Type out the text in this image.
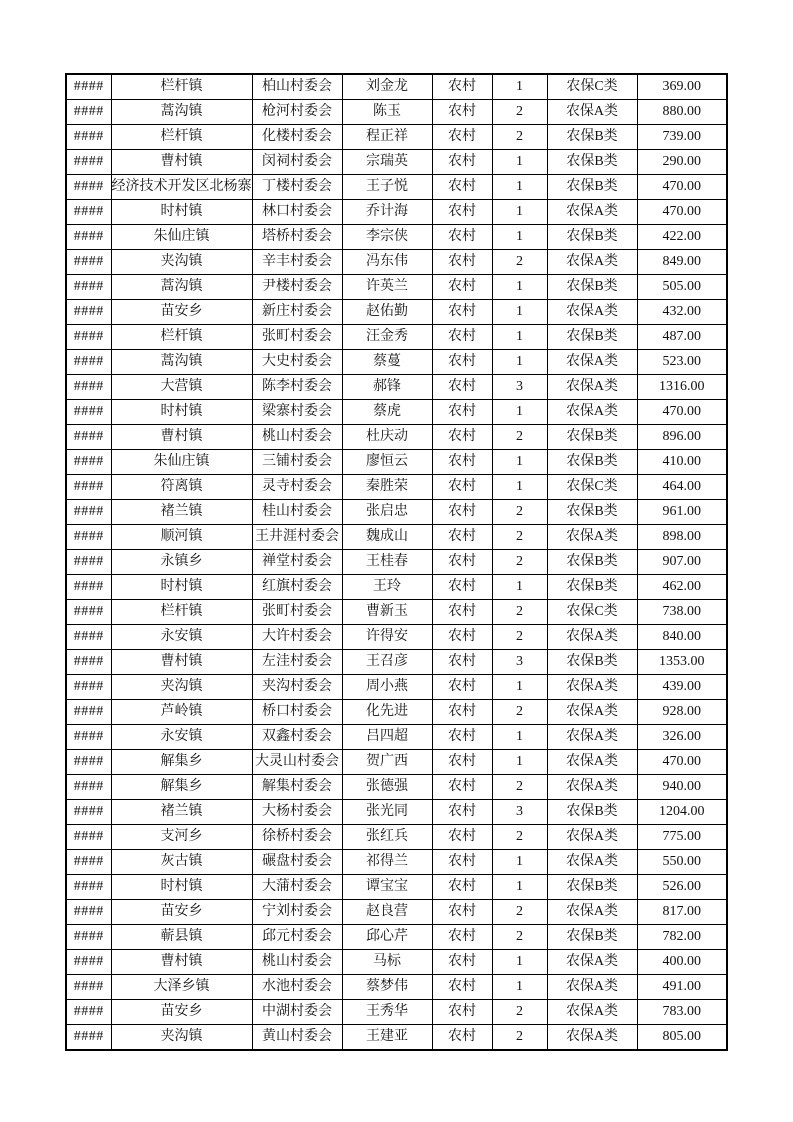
####	栏杆镇	柏山村委会	刘金龙	农村	1	农保C类	369.00
####	蒿沟镇	枪河村委会	陈玉	农村	2	农保A类	880.00
####	栏杆镇	化楼村委会	程正祥	农村	2	农保B类	739.00
####	曹村镇	闵祠村委会	宗瑞英	农村	1	农保B类	290.00
####	经济技术开发区北杨寨	丁楼村委会	王子悦	农村	1	农保B类	470.00
####	时村镇	林口村委会	乔计海	农村	1	农保A类	470.00
####	朱仙庄镇	塔桥村委会	李宗侠	农村	1	农保B类	422.00
####	夹沟镇	辛丰村委会	冯东伟	农村	2	农保A类	849.00
####	蒿沟镇	尹楼村委会	许英兰	农村	1	农保B类	505.00
####	苗安乡	新庄村委会	赵佑勤	农村	1	农保A类	432.00
####	栏杆镇	张町村委会	汪金秀	农村	1	农保B类	487.00
####	蒿沟镇	大史村委会	蔡蔓	农村	1	农保A类	523.00
####	大营镇	陈李村委会	郝锋	农村	3	农保A类	1316.00
####	时村镇	梁寨村委会	蔡虎	农村	1	农保A类	470.00
####	曹村镇	桃山村委会	杜庆动	农村	2	农保B类	896.00
####	朱仙庄镇	三铺村委会	廖恒云	农村	1	农保B类	410.00
####	符离镇	灵寺村委会	秦胜荣	农村	1	农保C类	464.00
####	褚兰镇	桂山村委会	张启忠	农村	2	农保B类	961.00
####	顺河镇	王井涯村委会	魏成山	农村	2	农保A类	898.00
####	永镇乡	禅堂村委会	王桂春	农村	2	农保B类	907.00
####	时村镇	红旗村委会	王玲	农村	1	农保B类	462.00
####	栏杆镇	张町村委会	曹新玉	农村	2	农保C类	738.00
####	永安镇	大许村委会	许得安	农村	2	农保A类	840.00
####	曹村镇	左洼村委会	王召彦	农村	3	农保B类	1353.00
####	夹沟镇	夹沟村委会	周小燕	农村	1	农保A类	439.00
####	芦岭镇	桥口村委会	化先进	农村	2	农保A类	928.00
####	永安镇	双鑫村委会	吕四超	农村	1	农保A类	326.00
####	解集乡	大灵山村委会	贺广西	农村	1	农保A类	470.00
####	解集乡	解集村委会	张德强	农村	2	农保A类	940.00
####	褚兰镇	大杨村委会	张光同	农村	3	农保B类	1204.00
####	支河乡	徐桥村委会	张红兵	农村	2	农保A类	775.00
####	灰古镇	碾盘村委会	祁得兰	农村	1	农保A类	550.00
####	时村镇	大蒲村委会	谭宝宝	农村	1	农保B类	526.00
####	苗安乡	宁刘村委会	赵良营	农村	2	农保A类	817.00
####	蕲县镇	邱元村委会	邱心芹	农村	2	农保B类	782.00
####	曹村镇	桃山村委会	马标	农村	1	农保A类	400.00
####	大泽乡镇	水池村委会	蔡梦伟	农村	1	农保A类	491.00
####	苗安乡	中湖村委会	王秀华	农村	2	农保A类	783.00
####	夹沟镇	黄山村委会	王建亚	农村	2	农保A类	805.00
